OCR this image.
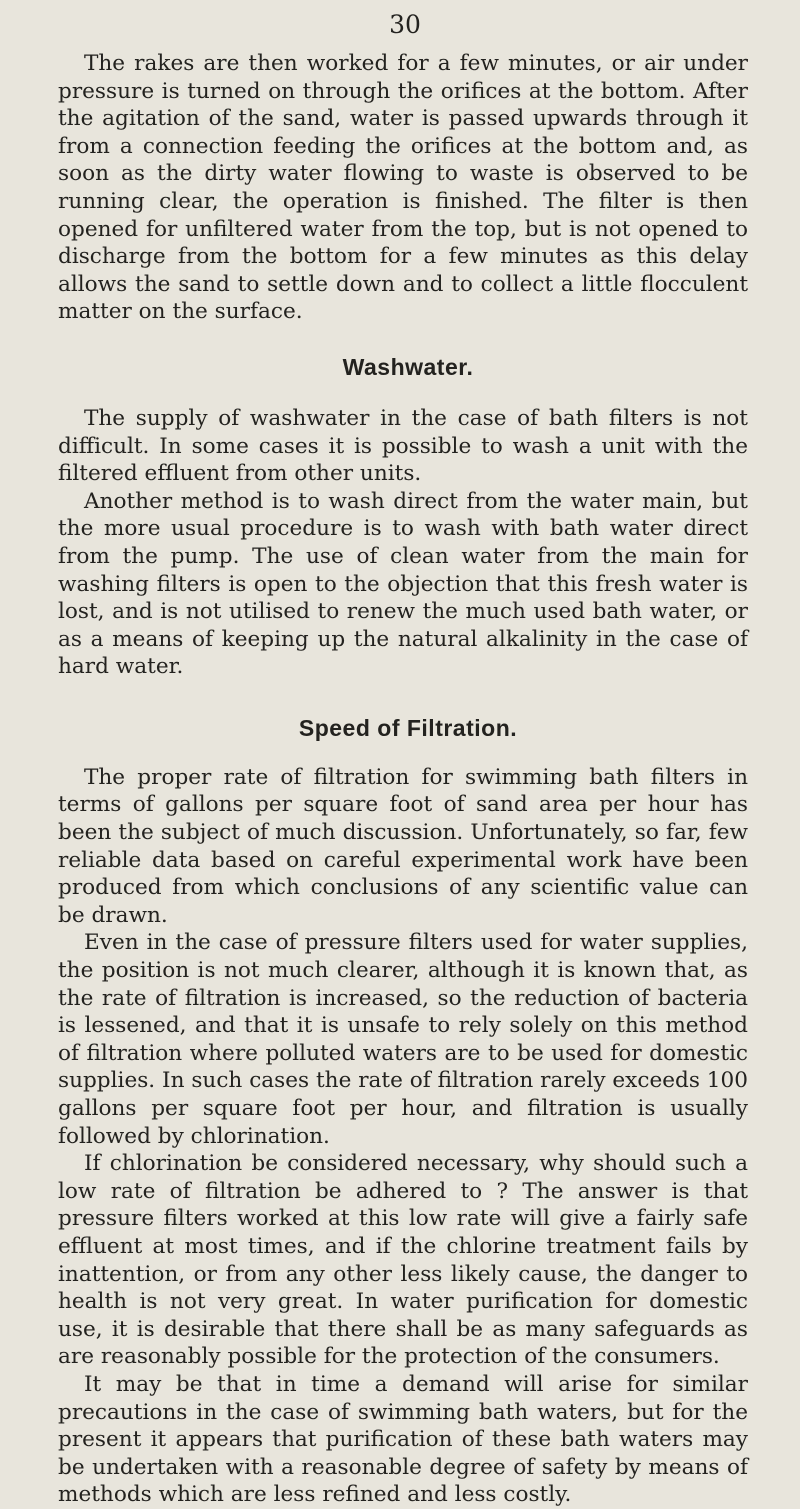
30

The rakes are then worked for a few minutes, or air under pressure is turned on through the orifices at the bottom. After the agitation of the sand, water is passed upwards through it from a connection feeding the orifices at the bottom and, as soon as the dirty water flowing to waste is observed to be running clear, the operation is finished. The filter is then opened for unfiltered water from the top, but is not opened to discharge from the bottom for a few minutes as this delay allows the sand to settle down and to collect a little flocculent matter on the surface.

Washwater.

The supply of washwater in the case of bath filters is not difficult. In some cases it is possible to wash a unit with the filtered effluent from other units.

Another method is to wash direct from the water main, but the more usual procedure is to wash with bath water direct from the pump. The use of clean water from the main for washing filters is open to the objection that this fresh water is lost, and is not utilised to renew the much used bath water, or as a means of keeping up the natural alkalinity in the case of hard water.

Speed of Filtration.

The proper rate of filtration for swimming bath filters in terms of gallons per square foot of sand area per hour has been the subject of much discussion. Unfortunately, so far, few reliable data based on careful experimental work have been produced from which conclusions of any scientific value can be drawn.

Even in the case of pressure filters used for water supplies, the position is not much clearer, although it is known that, as the rate of filtration is increased, so the reduction of bacteria is lessened, and that it is unsafe to rely solely on this method of filtration where polluted waters are to be used for domestic supplies. In such cases the rate of filtration rarely exceeds 100 gallons per square foot per hour, and filtration is usually followed by chlorination.

If chlorination be considered necessary, why should such a low rate of filtration be adhered to ? The answer is that pressure filters worked at this low rate will give a fairly safe effluent at most times, and if the chlorine treatment fails by inattention, or from any other less likely cause, the danger to health is not very great. In water purification for domestic use, it is desirable that there shall be as many safeguards as are reasonably possible for the protection of the consumers.

It may be that in time a demand will arise for similar precautions in the case of swimming bath waters, but for the present it appears that purification of these bath waters may be undertaken with a reasonable degree of safety by means of methods which are less refined and less costly.
